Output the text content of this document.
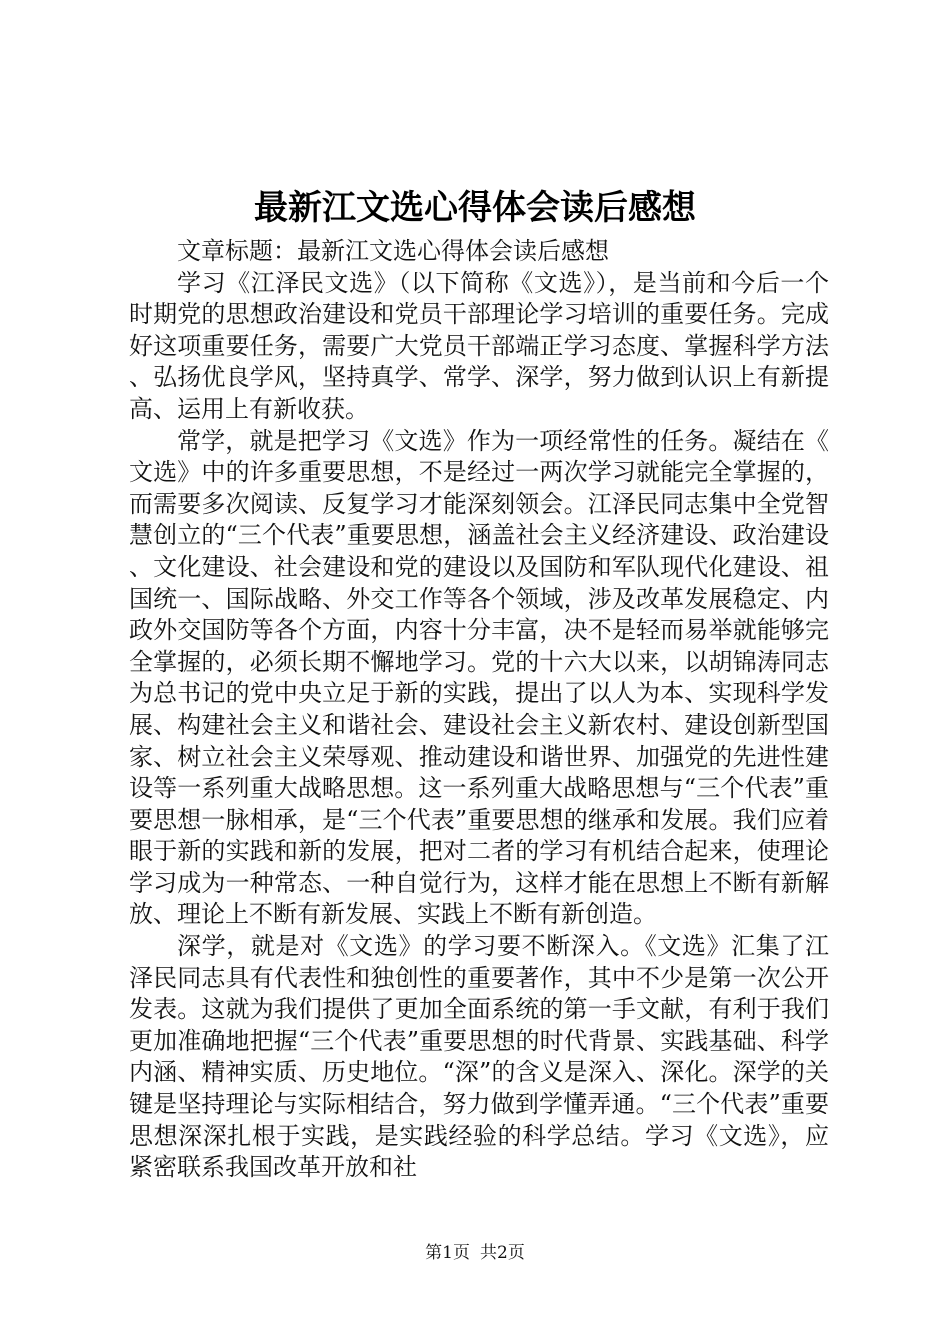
最新江文选心得体会读后感想

文章标题：最新江文选心得体会读后感想

学习《江泽民文选》（以下简称《文选》），是当前和今后一个时期党的思想政治建设和党员干部理论学习培训的重要任务。完成好这项重要任务，需要广大党员干部端正学习态度、掌握科学方法、弘扬优良学风，坚持真学、常学、深学，努力做到认识上有新提高、运用上有新收获。

常学，就是把学习《文选》作为一项经常性的任务。凝结在《文选》中的许多重要思想，不是经过一两次学习就能完全掌握的，而需要多次阅读、反复学习才能深刻领会。江泽民同志集中全党智慧创立的“三个代表”重要思想，涵盖社会主义经济建设、政治建设、文化建设、社会建设和党的建设以及国防和军队现代化建设、祖国统一、国际战略、外交工作等各个领域，涉及改革发展稳定、内政外交国防等各个方面，内容十分丰富，决不是轻而易举就能够完全掌握的，必须长期不懈地学习。党的十六大以来，以胡锦涛同志为总书记的党中央立足于新的实践，提出了以人为本、实现科学发展、构建社会主义和谐社会、建设社会主义新农村、建设创新型国家、树立社会主义荣辱观、推动建设和谐世界、加强党的先进性建设等一系列重大战略思想。这一系列重大战略思想与“三个代表”重要思想一脉相承，是“三个代表”重要思想的继承和发展。我们应着眼于新的实践和新的发展，把对二者的学习有机结合起来，使理论学习成为一种常态、一种自觉行为，这样才能在思想上不断有新解放、理论上不断有新发展、实践上不断有新创造。

深学，就是对《文选》的学习要不断深入。《文选》汇集了江泽民同志具有代表性和独创性的重要著作，其中不少是第一次公开发表。这就为我们提供了更加全面系统的第一手文献，有利于我们更加准确地把握“三个代表”重要思想的时代背景、实践基础、科学内涵、精神实质、历史地位。“深”的含义是深入、深化。深学的关键是坚持理论与实际相结合，努力做到学懂弄通。“三个代表”重要思想深深扎根于实践，是实践经验的科学总结。学习《文选》，应紧密联系我国改革开放和社

第1页 共2页
